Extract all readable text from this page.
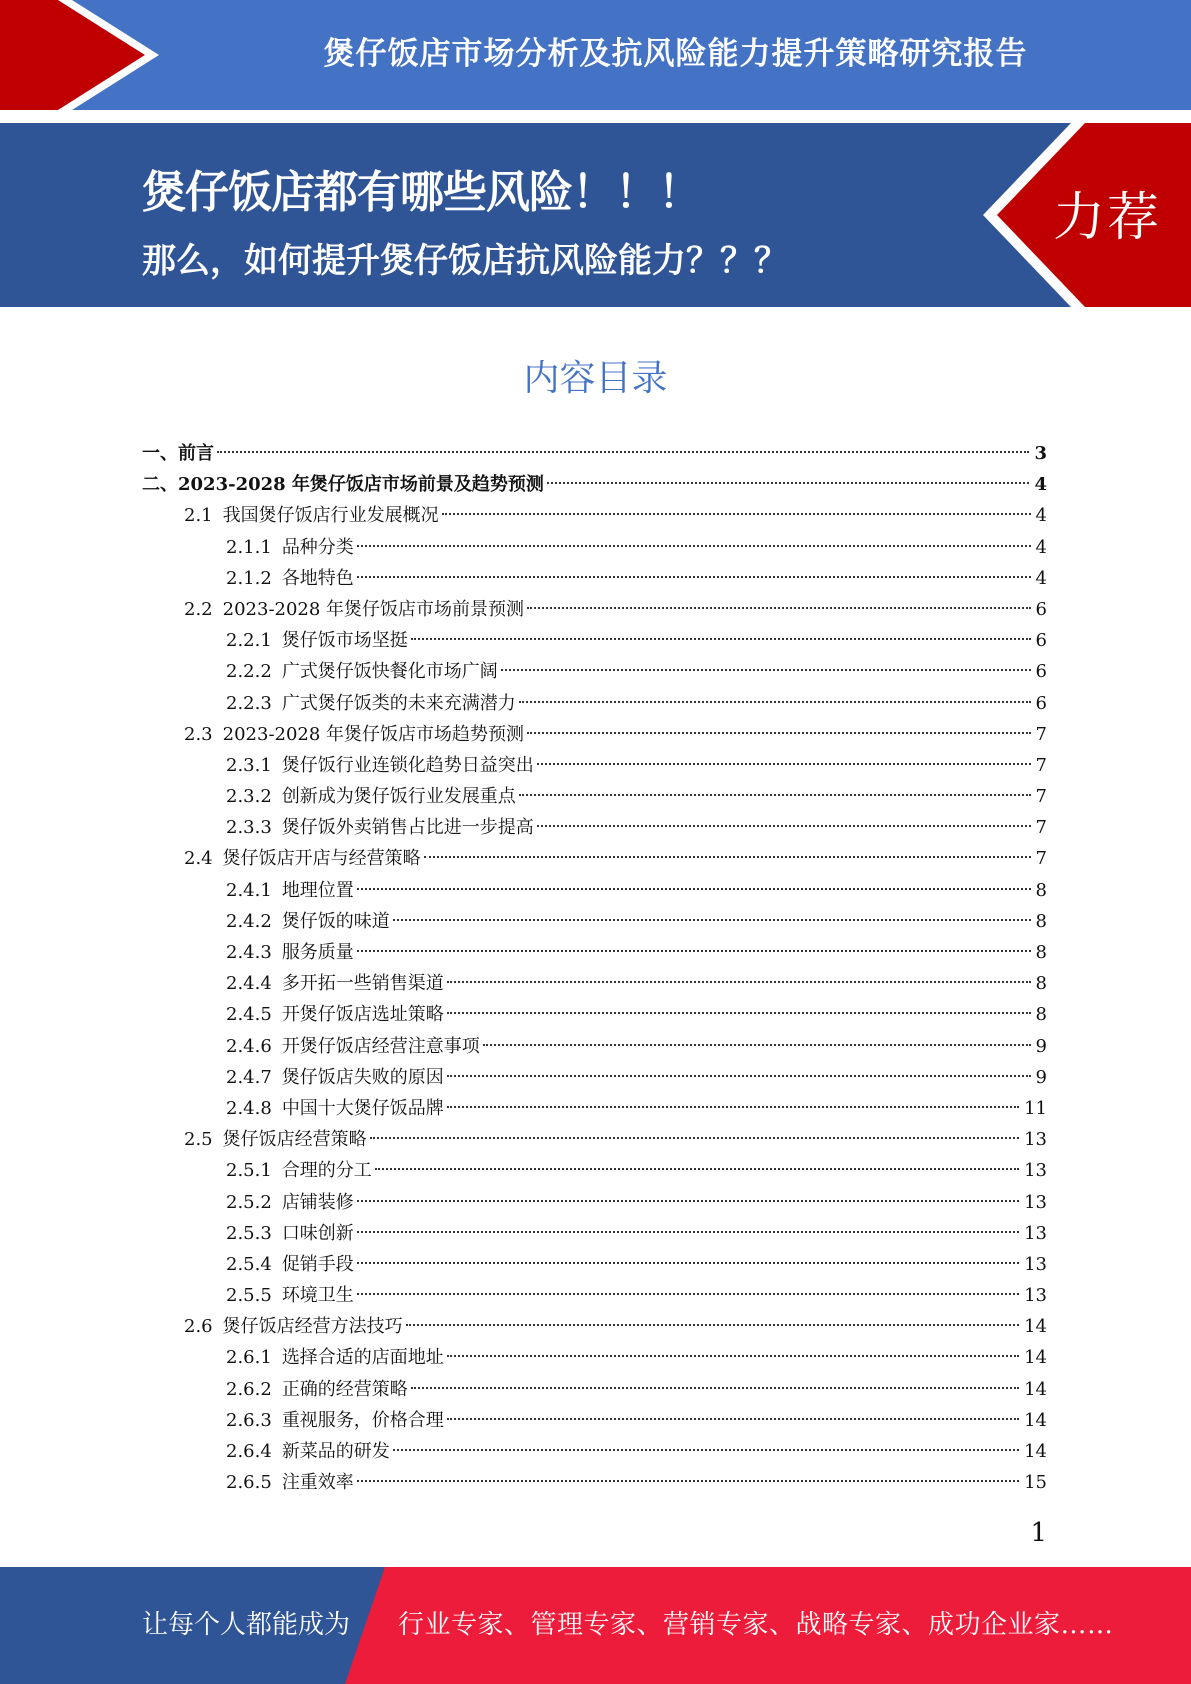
煲仔饭店市场分析及抗风险能力提升策略研究报告
煲仔饭店都有哪些风险！！！
那么，如何提升煲仔饭店抗风险能力？？？
力荐
内容目录
一、前言	3
二、2023-2028 年煲仔饭店市场前景及趋势预测	4
2.1 我国煲仔饭店行业发展概况	4
2.1.1 品种分类	4
2.1.2 各地特色	4
2.2 2023-2028 年煲仔饭店市场前景预测	6
2.2.1 煲仔饭市场坚挺	6
2.2.2 广式煲仔饭快餐化市场广阔	6
2.2.3 广式煲仔饭类的未来充满潜力	6
2.3 2023-2028 年煲仔饭店市场趋势预测	7
2.3.1 煲仔饭行业连锁化趋势日益突出	7
2.3.2 创新成为煲仔饭行业发展重点	7
2.3.3 煲仔饭外卖销售占比进一步提高	7
2.4 煲仔饭店开店与经营策略	7
2.4.1 地理位置	8
2.4.2 煲仔饭的味道	8
2.4.3 服务质量	8
2.4.4 多开拓一些销售渠道	8
2.4.5 开煲仔饭店选址策略	8
2.4.6 开煲仔饭店经营注意事项	9
2.4.7 煲仔饭店失败的原因	9
2.4.8 中国十大煲仔饭品牌	11
2.5 煲仔饭店经营策略	13
2.5.1 合理的分工	13
2.5.2 店铺装修	13
2.5.3 口味创新	13
2.5.4 促销手段	13
2.5.5 环境卫生	13
2.6 煲仔饭店经营方法技巧	14
2.6.1 选择合适的店面地址	14
2.6.2 正确的经营策略	14
2.6.3 重视服务，价格合理	14
2.6.4 新菜品的研发	14
2.6.5 注重效率	15
1
让每个人都能成为 行业专家、管理专家、营销专家、战略专家、成功企业家……
